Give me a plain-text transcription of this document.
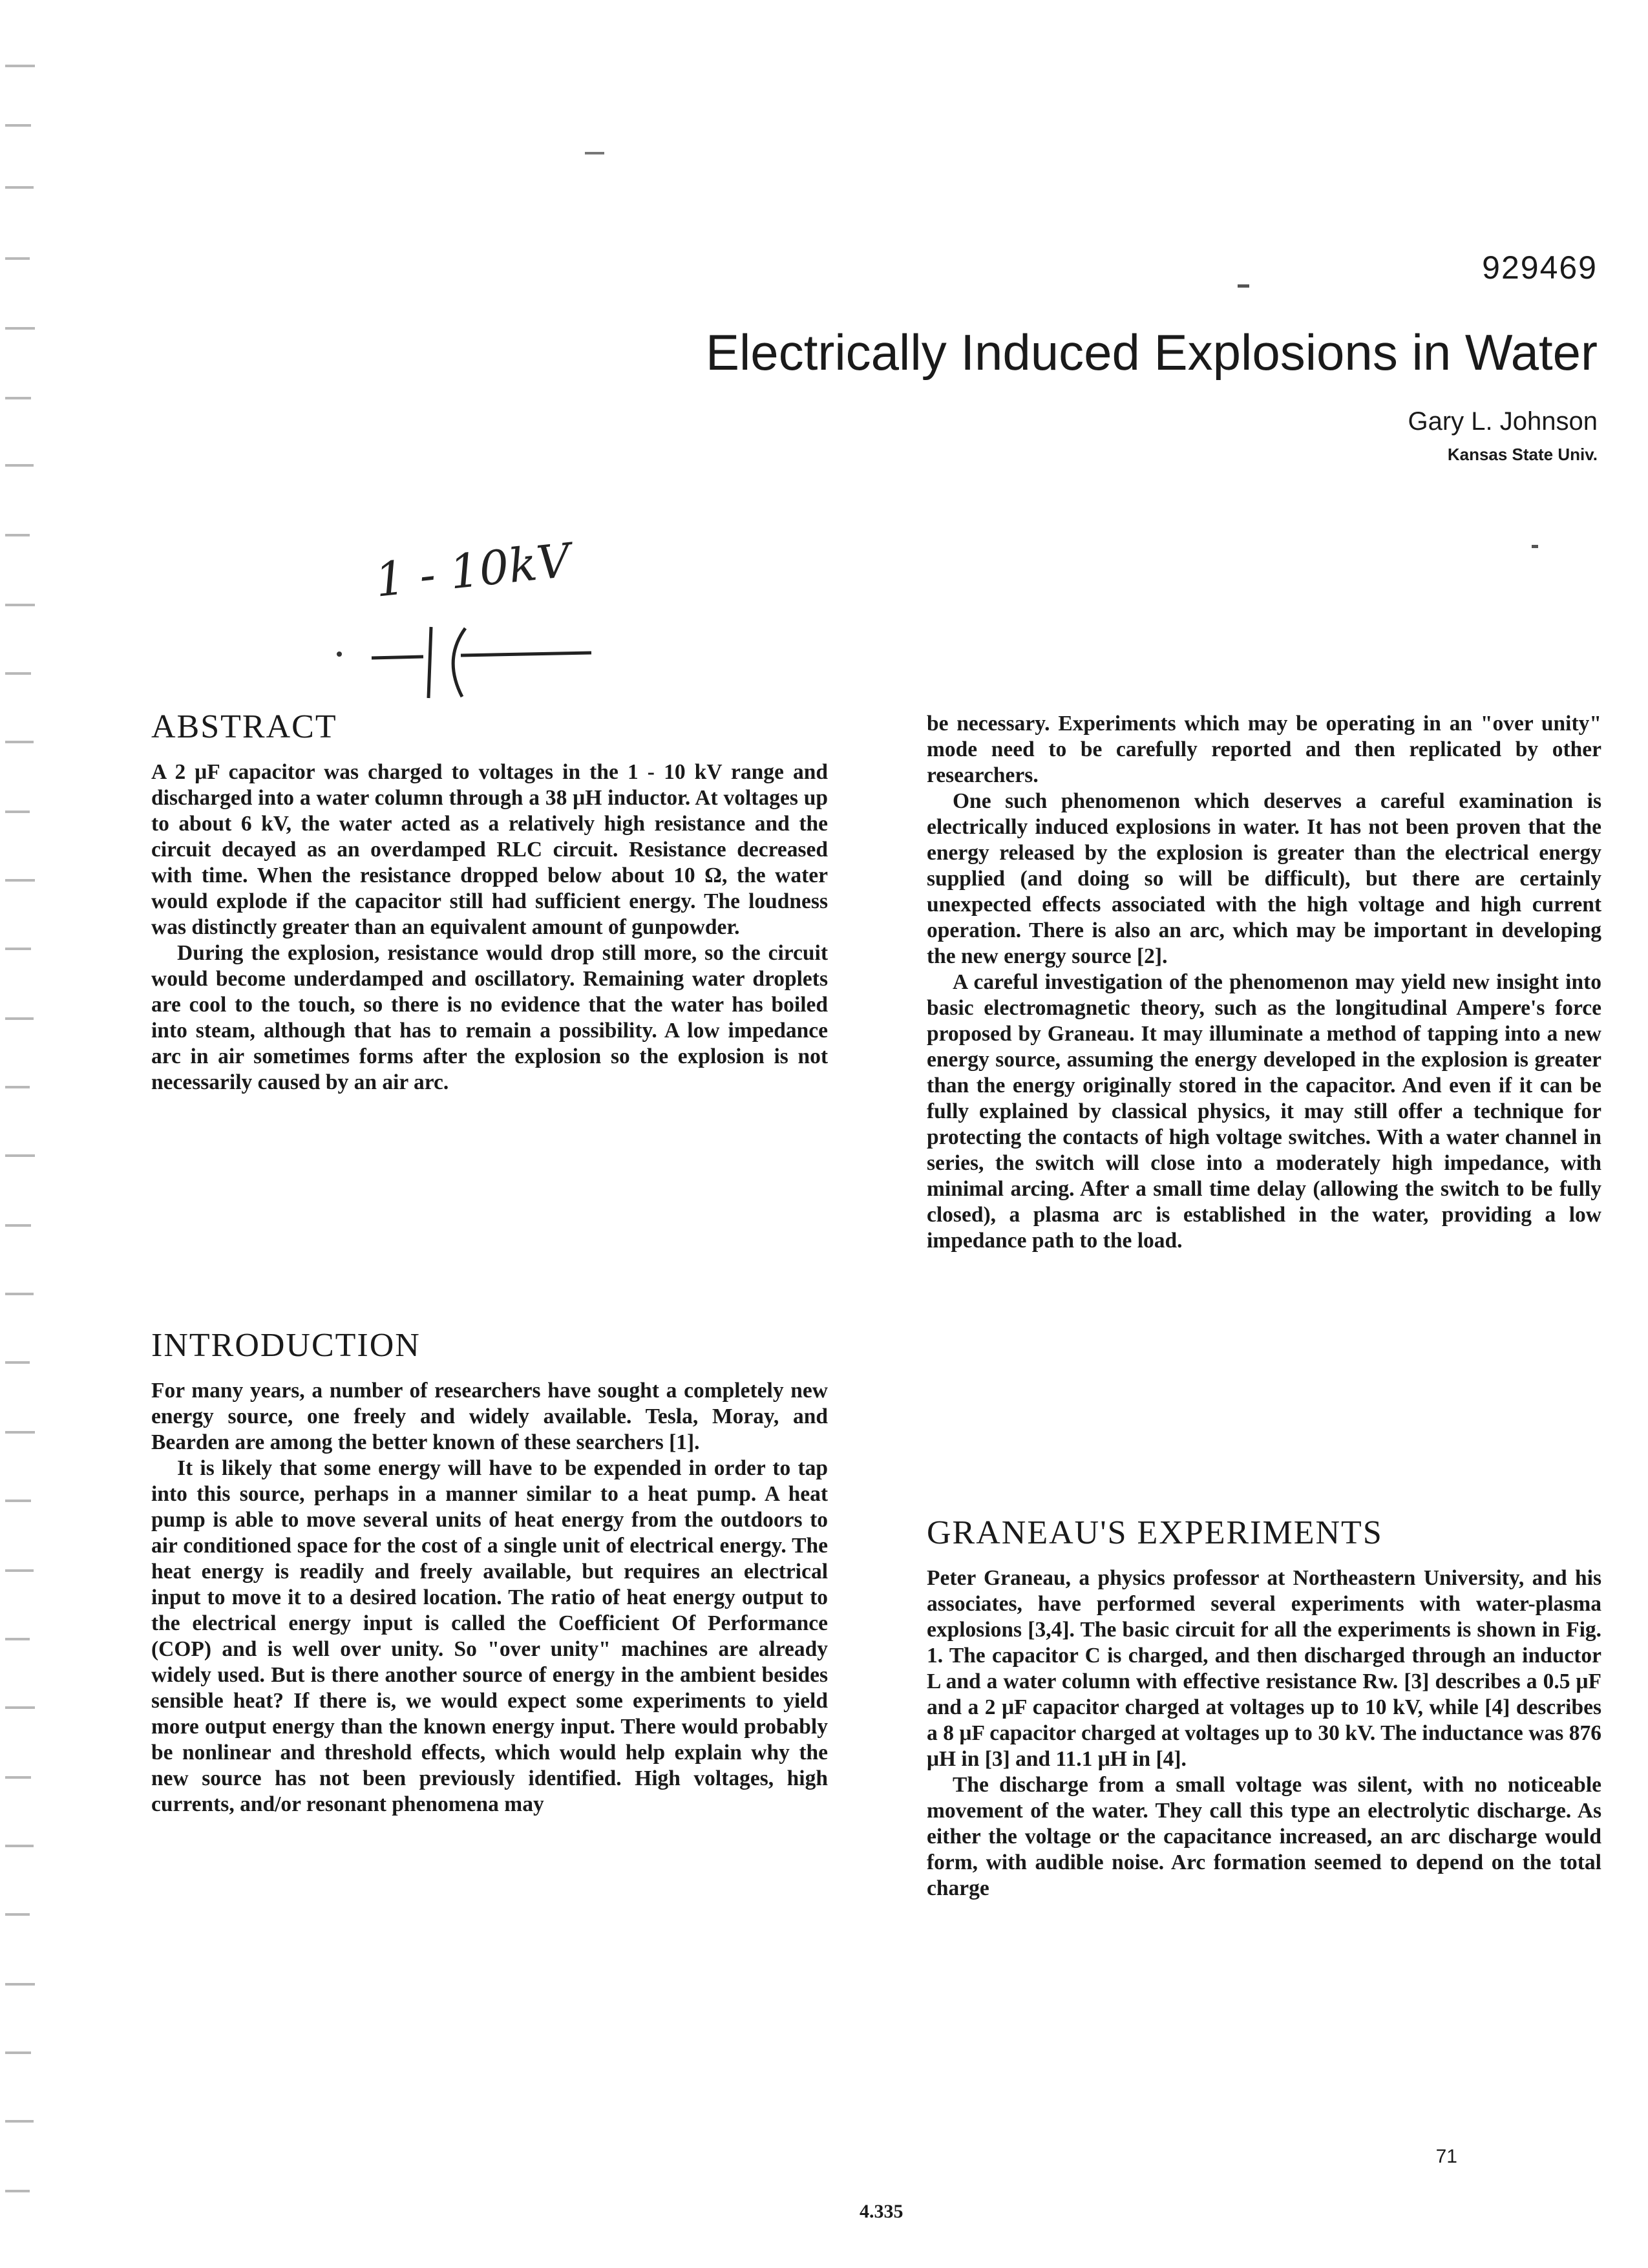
929469
Electrically Induced Explosions in Water
Gary L. Johnson
Kansas State Univ.
1 - 10kV
ABSTRACT

A 2 μF capacitor was charged to voltages in the 1 - 10 kV range and discharged into a water column through a 38 μH inductor. At voltages up to about 6 kV, the water acted as a relatively high resistance and the circuit decayed as an overdamped RLC circuit. Resistance decreased with time. When the resistance dropped below about 10 Ω, the water would explode if the capacitor still had sufficient energy. The loudness was distinctly greater than an equivalent amount of gunpowder.

During the explosion, resistance would drop still more, so the circuit would become underdamped and oscillatory. Remaining water droplets are cool to the touch, so there is no evidence that the water has boiled into steam, although that has to remain a possibility. A low impedance arc in air sometimes forms after the explosion so the explosion is not necessarily caused by an air arc.

INTRODUCTION

For many years, a number of researchers have sought a completely new energy source, one freely and widely available. Tesla, Moray, and Bearden are among the better known of these searchers [1].

It is likely that some energy will have to be expended in order to tap into this source, perhaps in a manner similar to a heat pump. A heat pump is able to move several units of heat energy from the outdoors to air conditioned space for the cost of a single unit of electrical energy. The heat energy is readily and freely available, but requires an electrical input to move it to a desired location. The ratio of heat energy output to the electrical energy input is called the Coefficient Of Performance (COP) and is well over unity. So "over unity" machines are already widely used. But is there another source of energy in the ambient besides sensible heat? If there is, we would expect some experiments to yield more output energy than the known energy input. There would probably be nonlinear and threshold effects, which would help explain why the new source has not been previously identified. High voltages, high currents, and/or resonant phenomena may

be necessary. Experiments which may be operating in an "over unity" mode need to be carefully reported and then replicated by other researchers.

One such phenomenon which deserves a careful examination is electrically induced explosions in water. It has not been proven that the energy released by the explosion is greater than the electrical energy supplied (and doing so will be difficult), but there are certainly unexpected effects associated with the high voltage and high current operation. There is also an arc, which may be important in developing the new energy source [2].

A careful investigation of the phenomenon may yield new insight into basic electromagnetic theory, such as the longitudinal Ampere's force proposed by Graneau. It may illuminate a method of tapping into a new energy source, assuming the energy developed in the explosion is greater than the energy originally stored in the capacitor. And even if it can be fully explained by classical physics, it may still offer a technique for protecting the contacts of high voltage switches. With a water channel in series, the switch will close into a moderately high impedance, with minimal arcing. After a small time delay (allowing the switch to be fully closed), a plasma arc is established in the water, providing a low impedance path to the load.

GRANEAU'S EXPERIMENTS

Peter Graneau, a physics professor at Northeastern University, and his associates, have performed several experiments with water-plasma explosions [3,4]. The basic circuit for all the experiments is shown in Fig. 1. The capacitor C is charged, and then discharged through an inductor L and a water column with effective resistance Rw. [3] describes a 0.5 μF and a 2 μF capacitor charged at voltages up to 10 kV, while [4] describes a 8 μF capacitor charged at voltages up to 30 kV. The inductance was 876 μH in [3] and 11.1 μH in [4].

The discharge from a small voltage was silent, with no noticeable movement of the water. They call this type an electrolytic discharge. As either the voltage or the capacitance increased, an arc discharge would form, with audible noise. Arc formation seemed to depend on the total charge

4.335
71
